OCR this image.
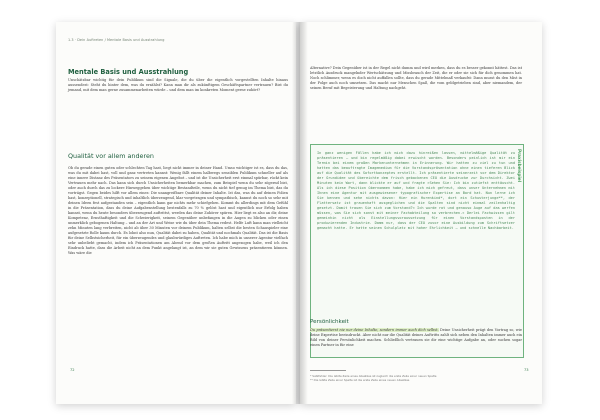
1.3 · Dein Auftreten / Mentale Basis und Ausstrahlung
Mentale Basis und Ausstrahlung

Unschätzbar wichtig für dein Publikum sind die Signale, die du über die eigentlich vorgestellten Inhalte hinaus aussendest: Steht du hinter dem, was du erzählst? Kann man dir als zukünftigem Geschäftspartner vertrauen? Bist du jemand, mit dem man gerne zusammenarbeiten würde – und dem man im konkreten Moment gerne zuhört?

Qualität vor allem anderen

Ob du gerade einen guten oder schlechten Tag hast, liegt nicht immer in deiner Hand. Umso wichtiger ist es, dass du das, was du mit dabei hast, voll und ganz vertreten kannst: Wenig fällt einem halbwegs sensiblen Publikum schneller auf als eine innere Distanz des Präsentators zu seinem eigenen Angebot – und ist die Unsicherheit erst einmal spürbar, rückt kein Vertrauen mehr nach. Das kann sich durch Unsicherheiten bemerkbar machen, zum Beispiel wenn du sehr zögernd bist, oder auch durch das zu lockere Hinweggehen über wichtige Bestandteile, wenn du nicht tief genug im Thema bist, das du vorträgst. Gegen beides hilft vor allem eines: Die unangreifbare Qualität deiner Inhalte. Ist das, was du auf deinen Folien hast, konzeptionell, strategisch und inhaltlich überzeugend, klar vorgetragen und sympathisch, kannst du noch so sehr mit deinen Ideen fest aufgestanden sein – eigentlich kann gar nichts mehr schiefgehen. Kommt du allerdings mit dem Gefühl in die Präsentation, dass du deine Aufgabenstellung bestenfalls zu 70 % gelöst hast und eigentlich nur Erfolg haben kannst, wenn du heute besonders überzeugend auftrittst, werden das deine Zuhörer spüren. Hier liegt es also an dir, deine Kompetenz, Ernsthaftigkeit und die Schwierigkeit, seinem Gegenüber unbefangen in die Augen zu blicken oder einen unmerklich gebogenen Haltung – und an der Art und Weise wie du über dein Thema redest. Helfe Luft kann man vielleicht zehn Minuten lang verbreiten, nicht ab über 30 Minuten vor deinem Publikum, halten selbst die besten Schauspieler eine aufgesetzte Rolle kaum durch. Es lohnt also nun, Qualität dabei zu haben, Qualität und nochmals Qualität. Das ist die Basis für deine Selbstsicherheit, für ein überzeugendes und glaubwürdiges Auftreten. Ich habe mich in unserer Agentur vielfach sehr unbeliebt gemacht, indem ich Präsentationen am Abend vor dem großen Auftritt angezogen habe, weil ich den Eindruck hatte, dass die Arbeit nicht an dem Punkt angelangt ist, an dem wir sie guten Gewissens präsentieren können. Was wäre die

72

Alternative? Dein Gegenüber ist in der Regel nicht dumm und wird merken, dass du es besser gekonnt hättest. Das ist letztlich Ausdruck mangelnder Wertschätzung und Missbrauch der Zeit, die er oder sie sich für dich genommen hat. Noch schlimmer, wenn es doch nicht auffallen sollte, dass du gerade Mittelmaß verkaufst: Dann musst du den Mist in der Folge auch noch umsetzen. Das macht nur Menschen Spaß, die vom geldgetrieben sind, aber niemandem, der seinen Beruf mit Begeisterung und Haltung nachgeht.

In ganz wenigen Fällen habe ich mich dazu hinreißen lassen, mittelmäßige Qualität zu präsentieren – und bin regelmäßig dabei erwischt worden. Besonders peinlich ist mir ein Termin bei einem großen Markenunternehmen in Erinnerung. Wir hatten zu viel zu tun und hatten das beauftragte Imagemedium für die Vorstandspräsentation ohne einen tieferen Blick auf die Qualität des Sofortkonzeptes erstellt. Ich präsentierte seinerzeit vor dem Direktor der Grundidee und übereichte dem frisch gebackenen CEO die Ausdrucke zur Durchsicht. Zwei Minuten kein Wort, dann blickte er auf und fragte »Sehen Sie: Ich bin zutiefst enttäuscht. Als ich diese Position übernommen habe, habe ich mich gefreut, dass unser Unternehmen mit Ihnen eine Agentur mit ausgewiesener typografischer Expertise an Bord hat. Nun lerne ich Sie kennen und sehe nichts davon: Hier ein Hurenkind*, dort ein Schusterjunge**, der Flattersatz ist grauenhaft ausgeglichen und die Spalten sind nicht einmal zeilenhaltig gesetzt. Damit trauen Sie sich zum Vorstand?« Ich wurde rot und genauso Auge auf das werfen müssen, was Sie sich sonst mit meiner Fachabteilung so verbrechen.« Derlei Fachwissen gilt gemeinhin nicht als Einstellungsvoraussetzung für einen Vorstandsposten in der produzierenden Industrie. Damm nur, dass der CEO zuvor eine Ausbildung zum Schriftsetzer gemacht hatte. Er hatte seinen Schulplatz mit hoher Ehrlichkeit – und schnelle Nachbarbeit.

Praxisbeispiel
Persönlichkeit

Du präsentierst nie nur deine Inhalte, sondern immer auch dich selbst. Deine Unsicherheit prägt den Vortrag so, wie deine Expertise beeindruckt. Aber nicht nur die Qualität deines Auftritts zahlt sich neben den Inhalten immer auch ein Bild von deiner Persönlichkeit machen. Schließlich vertrauen sie dir eine wichtige Aufgabe an, oder suchen sogar einen Partner in für eine

* Satzfehler: Die letzte Zeile eines Absatzes ist zugleich die erste Zeile einer neuen Spalte
** Die letzte Zeile einer Spalte ist die erste Zeile eines neuen Absatzes
73
